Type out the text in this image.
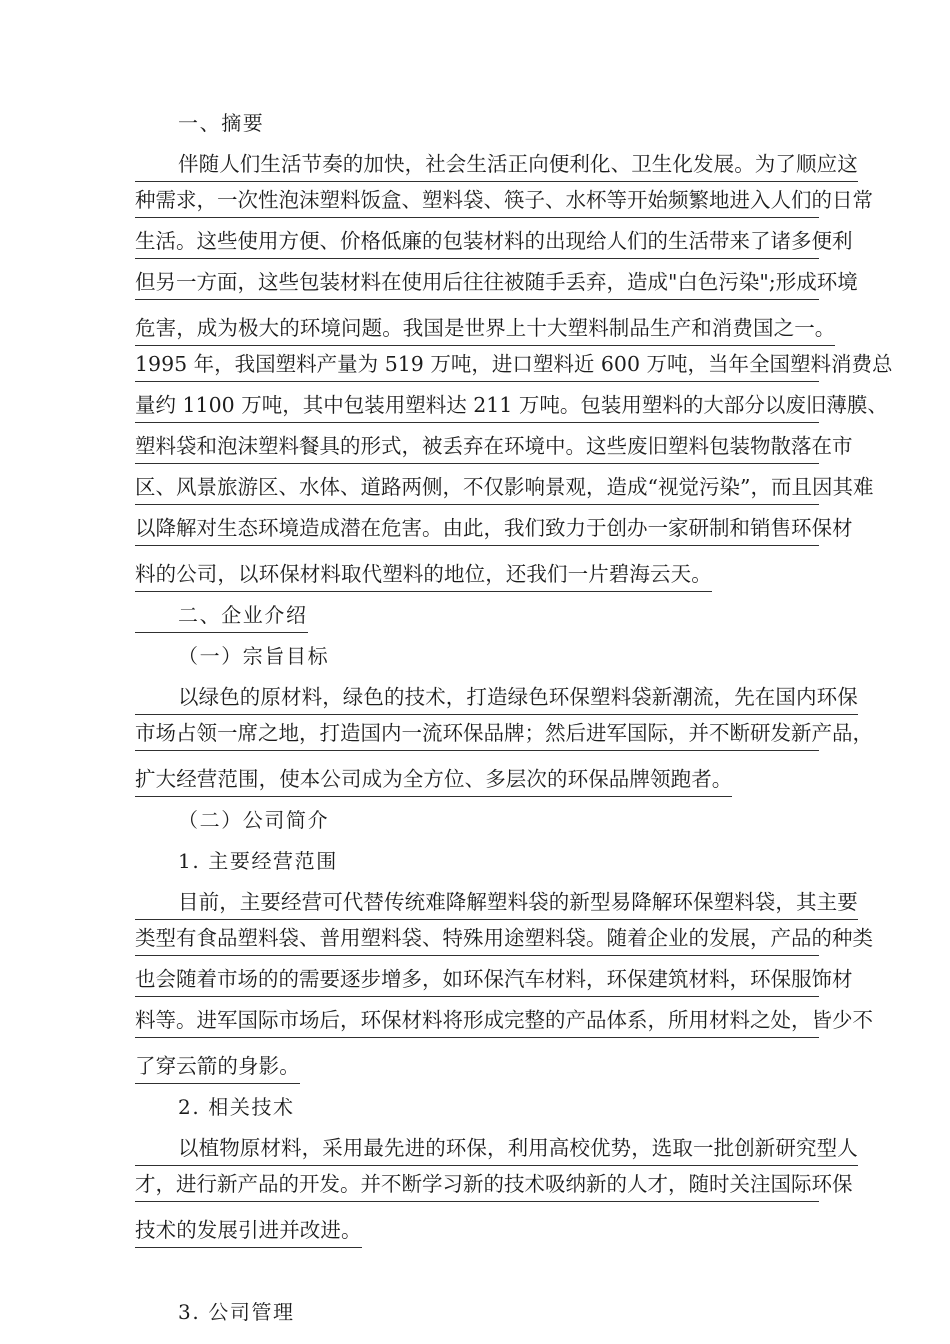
一、摘要
伴随人们生活节奏的加快，社会生活正向便利化、卫生化发展。为了顺应这
种需求，一次性泡沫塑料饭盒、塑料袋、筷子、水杯等开始频繁地进入人们的日常
生活。这些使用方便、价格低廉的包装材料的出现给人们的生活带来了诸多便利
但另一方面，这些包装材料在使用后往往被随手丢弃，造成"白色污染";形成环境
危害，成为极大的环境问题。我国是世界上十大塑料制品生产和消费国之一。
1995 年，我国塑料产量为 519 万吨，进口塑料近 600 万吨，当年全国塑料消费总
量约 1100 万吨，其中包装用塑料达 211 万吨。包装用塑料的大部分以废旧薄膜、
塑料袋和泡沫塑料餐具的形式，被丢弃在环境中。这些废旧塑料包装物散落在市
区、风景旅游区、水体、道路两侧，不仅影响景观，造成“视觉污染”，而且因其难
以降解对生态环境造成潜在危害。由此，我们致力于创办一家研制和销售环保材
料的公司，以环保材料取代塑料的地位，还我们一片碧海云天。
二、企业介绍
（一）宗旨目标
以绿色的原材料，绿色的技术，打造绿色环保塑料袋新潮流，先在国内环保
市场占领一席之地，打造国内一流环保品牌；然后进军国际，并不断研发新产品，
扩大经营范围，使本公司成为全方位、多层次的环保品牌领跑者。
（二）公司简介
1. 主要经营范围
目前，主要经营可代替传统难降解塑料袋的新型易降解环保塑料袋，其主要
类型有食品塑料袋、普用塑料袋、特殊用途塑料袋。随着企业的发展，产品的种类
也会随着市场的的需要逐步增多，如环保汽车材料，环保建筑材料，环保服饰材
料等。进军国际市场后，环保材料将形成完整的产品体系，所用材料之处，皆少不
了穿云箭的身影。
2. 相关技术
以植物原材料，采用最先进的环保，利用高校优势，选取一批创新研究型人
才，进行新产品的开发。并不断学习新的技术吸纳新的人才，随时关注国际环保
技术的发展引进并改进。
3. 公司管理
